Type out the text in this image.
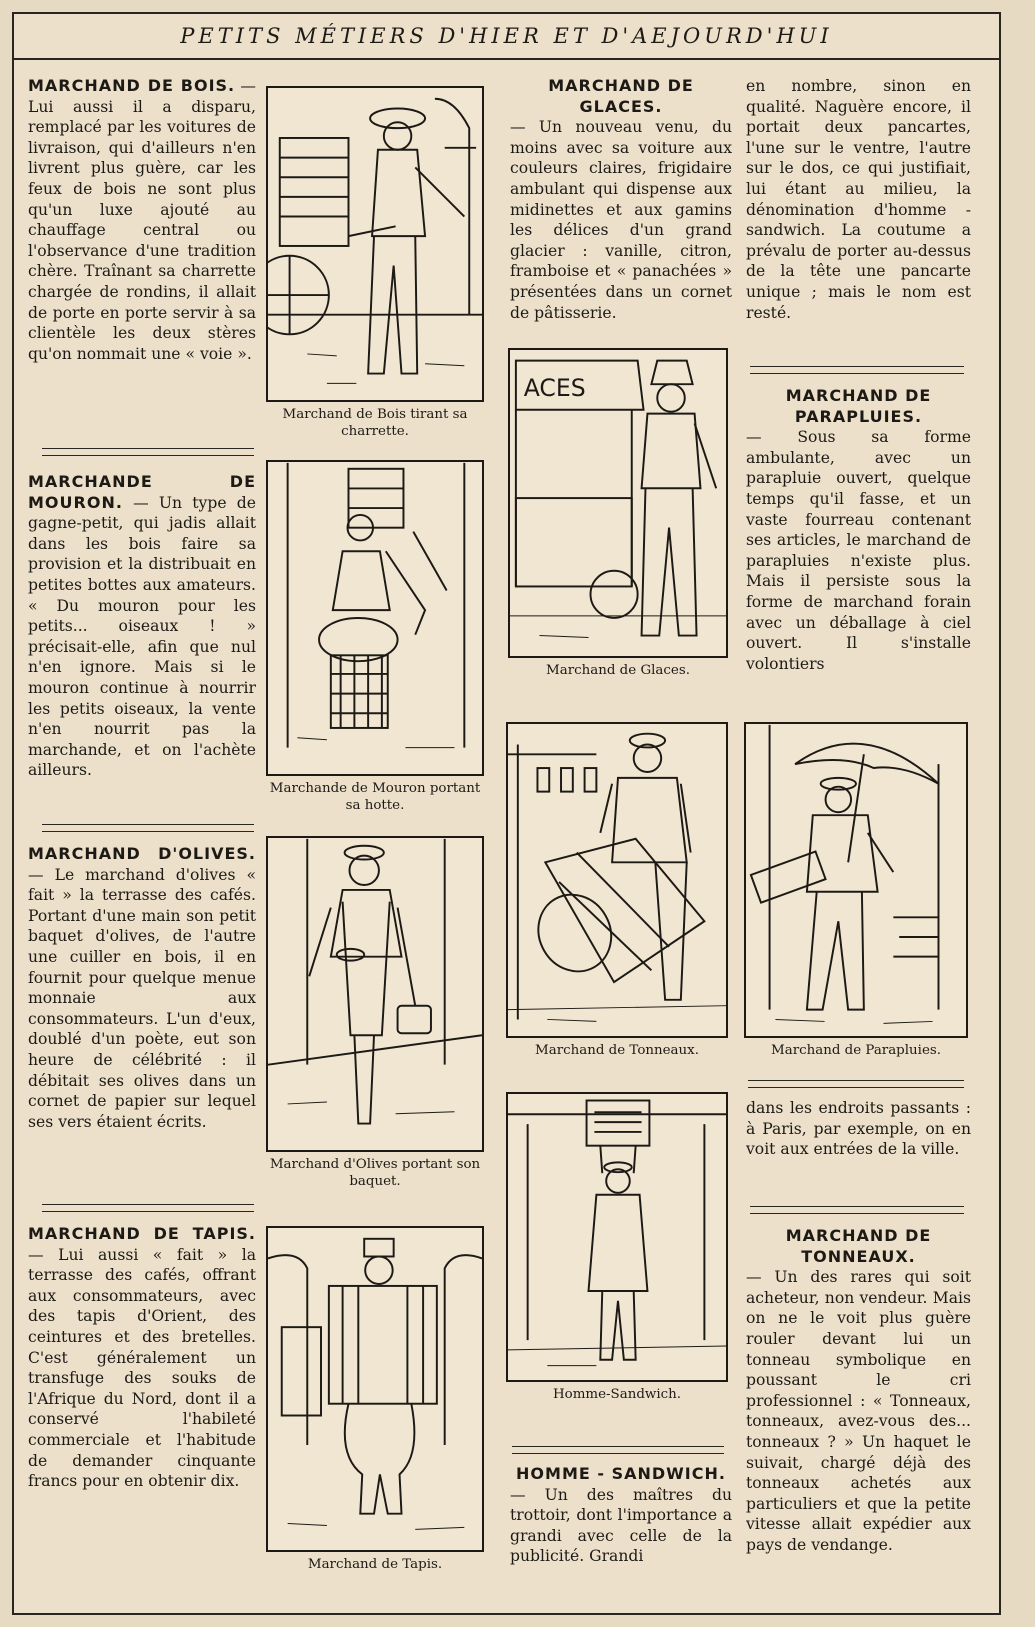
PETITS MÉTIERS D'HIER ET D'AEJOURD'HUI

MARCHAND DE BOIS. — Lui aussi il a disparu, remplacé par les voitures de livraison, qui d'ailleurs n'en livrent plus guère, car les feux de bois ne sont plus qu'un luxe ajouté au chauffage central ou l'observance d'une tradition chère. Traînant sa charrette chargée de rondins, il allait de porte en porte servir à sa clientèle les deux stères qu'on nommait une « voie ».

MARCHANDE DE MOURON. — Un type de gagne-petit, qui jadis allait dans les bois faire sa provision et la distribuait en petites bottes aux amateurs. « Du mouron pour les petits... oiseaux ! » précisait-elle, afin que nul n'en ignore. Mais si le mouron continue à nourrir les petits oiseaux, la vente n'en nourrit pas la marchande, et on l'achète ailleurs.

MARCHAND D'OLIVES. — Le marchand d'olives « fait » la terrasse des cafés. Portant d'une main son petit baquet d'olives, de l'autre une cuiller en bois, il en fournit pour quelque menue monnaie aux consommateurs. L'un d'eux, doublé d'un poète, eut son heure de célébrité : il débitait ses olives dans un cornet de papier sur lequel ses vers étaient écrits.

MARCHAND DE TAPIS. — Lui aussi « fait » la terrasse des cafés, offrant aux consommateurs, avec des tapis d'Orient, des ceintures et des bretelles. C'est généralement un transfuge des souks de l'Afrique du Nord, dont il a conservé l'habileté commerciale et l'habitude de demander cinquante francs pour en obtenir dix.

Marchand de Bois tirant sa charrette.
Marchande de Mouron portant sa hotte.
Marchand d'Olives portant son baquet.
Marchand de Tapis.

MARCHAND DE GLACES.
— Un nouveau venu, du moins avec sa voiture aux couleurs claires, frigidaire ambulant qui dispense aux midinettes et aux gamins les délices d'un grand glacier : vanille, citron, framboise et « panachées » présentées dans un cornet de pâtisserie.

ACES
Marchand de Glaces.
Marchand de Tonneaux.
Homme-Sandwich.

HOMME - SANDWICH.
— Un des maîtres du trottoir, dont l'importance a grandi avec celle de la publicité. Grandi

en nombre, sinon en qualité. Naguère encore, il portait deux pancartes, l'une sur le ventre, l'autre sur le dos, ce qui justifiait, lui étant au milieu, la dénomination d'homme - sandwich. La coutume a prévalu de porter au-dessus de la tête une pancarte unique ; mais le nom est resté.

MARCHAND DE PARAPLUIES.
— Sous sa forme ambulante, avec un parapluie ouvert, quelque temps qu'il fasse, et un vaste fourreau contenant ses articles, le marchand de parapluies n'existe plus. Mais il persiste sous la forme de marchand forain avec un déballage à ciel ouvert. Il s'installe volontiers

Marchand de Parapluies.

dans les endroits passants : à Paris, par exemple, on en voit aux entrées de la ville.

MARCHAND DE TONNEAUX.
— Un des rares qui soit acheteur, non vendeur. Mais on ne le voit plus guère rouler devant lui un tonneau symbolique en poussant le cri professionnel : « Tonneaux, tonneaux, avez-vous des... tonneaux ? » Un haquet le suivait, chargé déjà des tonneaux achetés aux particuliers et que la petite vitesse allait expédier aux pays de vendange.
